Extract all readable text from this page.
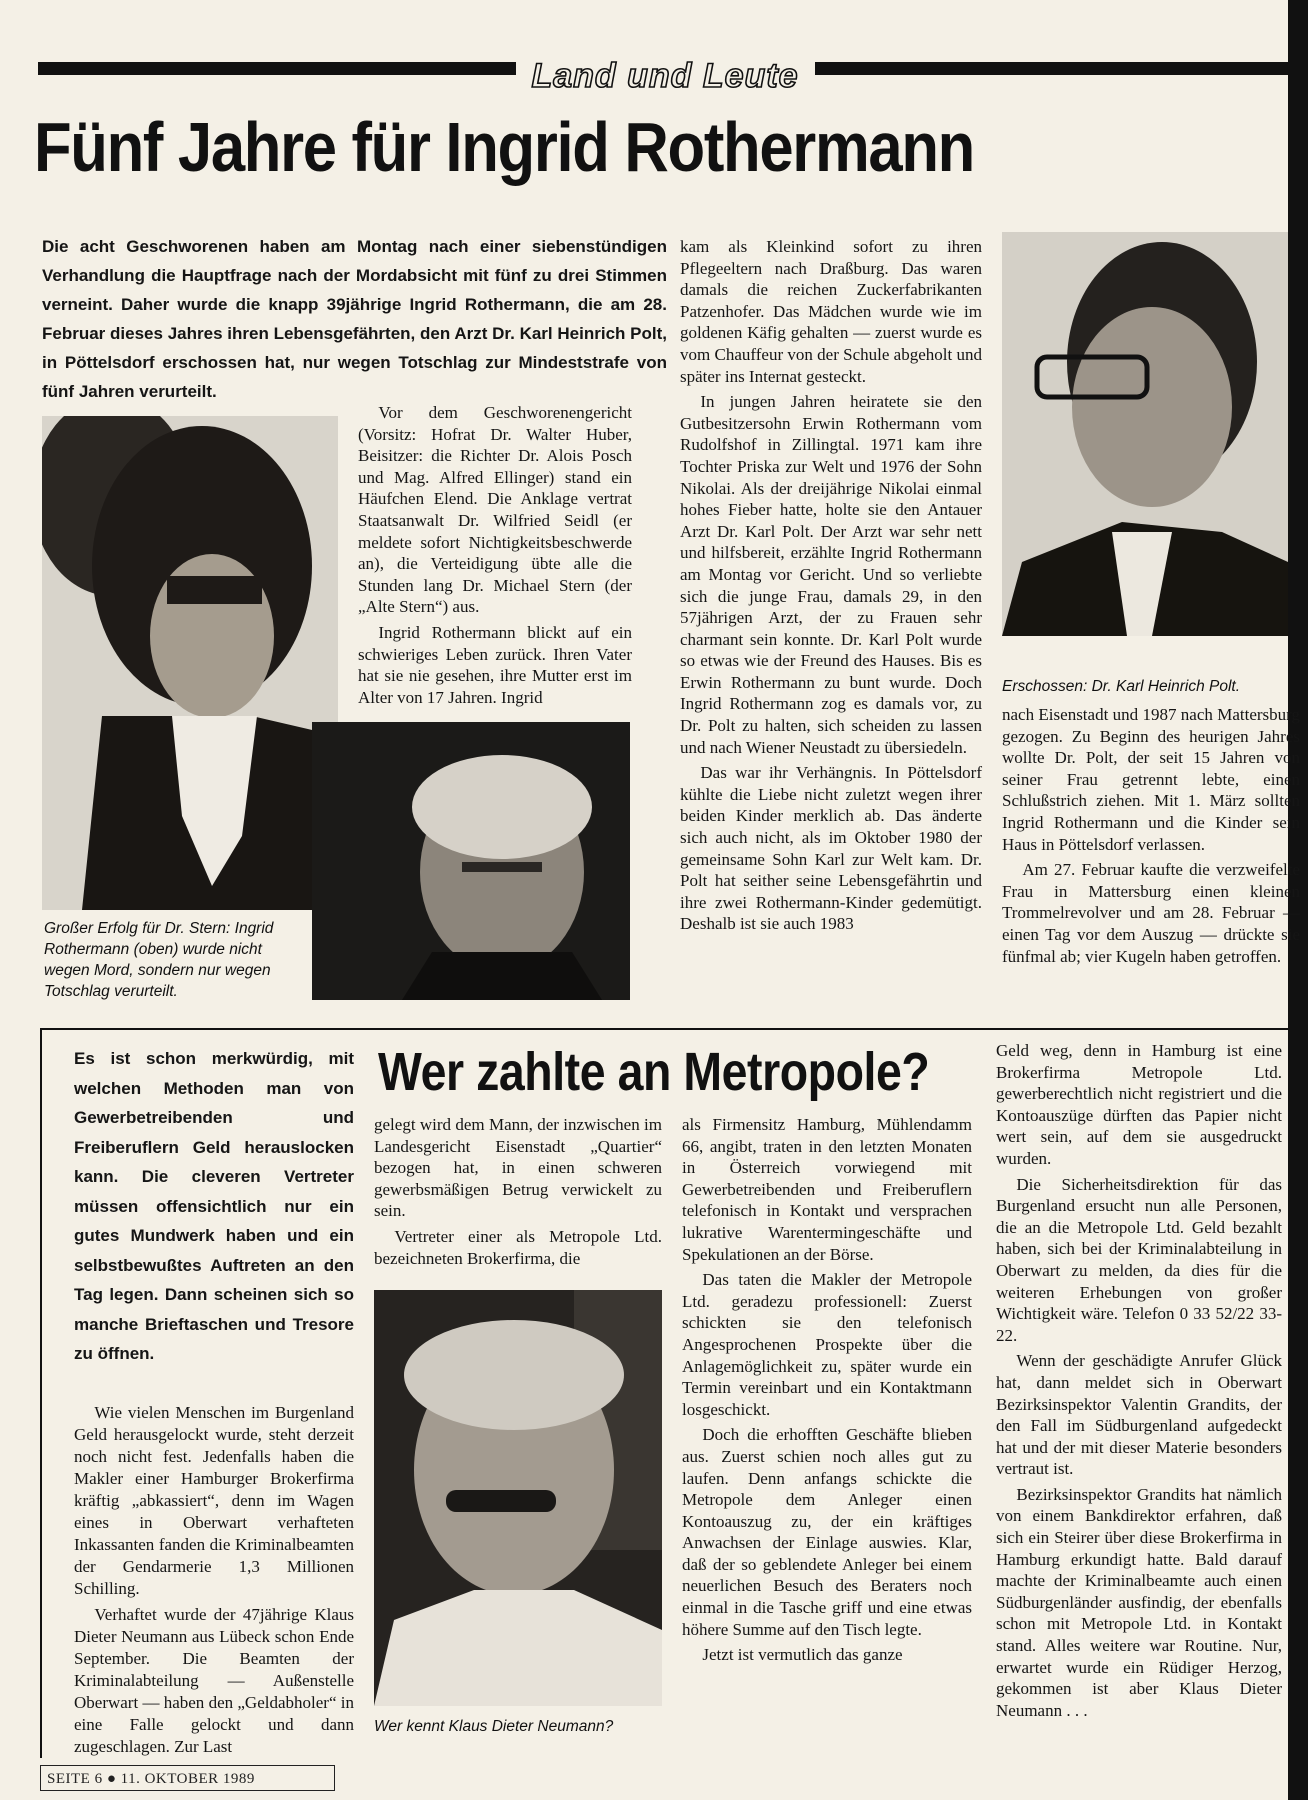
Land und Leute
Fünf Jahre für Ingrid Rothermann
Die acht Geschworenen haben am Montag nach einer siebenstündigen Verhandlung die Hauptfrage nach der Mordabsicht mit fünf zu drei Stimmen verneint. Daher wurde die knapp 39jährige Ingrid Rothermann, die am 28. Februar dieses Jahres ihren Lebensgefährten, den Arzt Dr. Karl Heinrich Polt, in Pöttelsdorf erschossen hat, nur wegen Totschlag zur Mindeststrafe von fünf Jahren verurteilt.
Großer Erfolg für Dr. Stern: Ingrid Rothermann (oben) wurde nicht wegen Mord, sondern nur wegen Totschlag verurteilt.

Vor dem Geschworenengericht (Vorsitz: Hofrat Dr. Walter Huber, Beisitzer: die Richter Dr. Alois Posch und Mag. Alfred Ellinger) stand ein Häufchen Elend. Die Anklage vertrat Staatsanwalt Dr. Wilfried Seidl (er meldete sofort Nichtigkeitsbeschwerde an), die Verteidigung übte alle die Stunden lang Dr. Michael Stern (der „Alte Stern“) aus.

Ingrid Rothermann blickt auf ein schwieriges Leben zurück. Ihren Vater hat sie nie gesehen, ihre Mutter erst im Alter von 17 Jahren. Ingrid

kam als Kleinkind sofort zu ihren Pflegeeltern nach Draßburg. Das waren damals die reichen Zuckerfabrikanten Patzenhofer. Das Mädchen wurde wie im goldenen Käfig gehalten — zuerst wurde es vom Chauffeur von der Schule abgeholt und später ins Internat gesteckt.

In jungen Jahren heiratete sie den Gutbesitzersohn Erwin Rothermann vom Rudolfshof in Zillingtal. 1971 kam ihre Tochter Priska zur Welt und 1976 der Sohn Nikolai. Als der dreijährige Nikolai einmal hohes Fieber hatte, holte sie den Antauer Arzt Dr. Karl Polt. Der Arzt war sehr nett und hilfsbereit, erzählte Ingrid Rothermann am Montag vor Gericht. Und so verliebte sich die junge Frau, damals 29, in den 57jährigen Arzt, der zu Frauen sehr charmant sein konnte. Dr. Karl Polt wurde so etwas wie der Freund des Hauses. Bis es Erwin Rothermann zu bunt wurde. Doch Ingrid Rothermann zog es damals vor, zu Dr. Polt zu halten, sich scheiden zu lassen und nach Wiener Neustadt zu übersiedeln.

Das war ihr Verhängnis. In Pöttelsdorf kühlte die Liebe nicht zuletzt wegen ihrer beiden Kinder merklich ab. Das änderte sich auch nicht, als im Oktober 1980 der gemeinsame Sohn Karl zur Welt kam. Dr. Polt hat seither seine Lebensgefährtin und ihre zwei Rothermann-Kinder gedemütigt. Deshalb ist sie auch 1983

Erschossen: Dr. Karl Heinrich Polt.

nach Eisenstadt und 1987 nach Mattersburg gezogen. Zu Beginn des heurigen Jahres wollte Dr. Polt, der seit 15 Jahren von seiner Frau getrennt lebte, einen Schlußstrich ziehen. Mit 1. März sollten Ingrid Rothermann und die Kinder sein Haus in Pöttelsdorf verlassen.

Am 27. Februar kaufte die verzweifelte Frau in Mattersburg einen kleinen Trommelrevolver und am 28. Februar — einen Tag vor dem Auszug — drückte sie fünfmal ab; vier Kugeln haben getroffen.

Es ist schon merkwürdig, mit welchen Methoden man von Gewerbetreibenden und Freiberuflern Geld herauslocken kann. Die cleveren Vertreter müssen offensichtlich nur ein gutes Mundwerk haben und ein selbstbewußtes Auftreten an den Tag legen. Dann scheinen sich so manche Brieftaschen und Tresore zu öffnen.

Wie vielen Menschen im Burgenland Geld herausgelockt wurde, steht derzeit noch nicht fest. Jedenfalls haben die Makler einer Hamburger Brokerfirma kräftig „abkassiert“, denn im Wagen eines in Oberwart verhafteten Inkassanten fanden die Kriminalbeamten der Gendarmerie 1,3 Millionen Schilling.

Verhaftet wurde der 47jährige Klaus Dieter Neumann aus Lübeck schon Ende September. Die Beamten der Kriminalabteilung — Außenstelle Oberwart — haben den „Geldabholer“ in eine Falle gelockt und dann zugeschlagen. Zur Last

Wer zahlte an Metropole?

gelegt wird dem Mann, der inzwischen im Landesgericht Eisenstadt „Quartier“ bezogen hat, in einen schweren gewerbsmäßigen Betrug verwickelt zu sein.

Vertreter einer als Metropole Ltd. bezeichneten Brokerfirma, die

Wer kennt Klaus Dieter Neumann?

als Firmensitz Hamburg, Mühlendamm 66, angibt, traten in den letzten Monaten in Österreich vorwiegend mit Gewerbetreibenden und Freiberuflern telefonisch in Kontakt und versprachen lukrative Warentermingeschäfte und Spekulationen an der Börse.

Das taten die Makler der Metropole Ltd. geradezu professionell: Zuerst schickten sie den telefonisch Angesprochenen Prospekte über die Anlagemöglichkeit zu, später wurde ein Termin vereinbart und ein Kontaktmann losgeschickt.

Doch die erhofften Geschäfte blieben aus. Zuerst schien noch alles gut zu laufen. Denn anfangs schickte die Metropole dem Anleger einen Kontoauszug zu, der ein kräftiges Anwachsen der Einlage auswies. Klar, daß der so geblendete Anleger bei einem neuerlichen Besuch des Beraters noch einmal in die Tasche griff und eine etwas höhere Summe auf den Tisch legte.

Jetzt ist vermutlich das ganze

Geld weg, denn in Hamburg ist eine Brokerfirma Metropole Ltd. gewerberechtlich nicht registriert und die Kontoauszüge dürften das Papier nicht wert sein, auf dem sie ausgedruckt wurden.

Die Sicherheitsdirektion für das Burgenland ersucht nun alle Personen, die an die Metropole Ltd. Geld bezahlt haben, sich bei der Kriminalabteilung in Oberwart zu melden, da dies für die weiteren Erhebungen von großer Wichtigkeit wäre. Telefon 0 33 52/22 33-22.

Wenn der geschädigte Anrufer Glück hat, dann meldet sich in Oberwart Bezirksinspektor Valentin Grandits, der den Fall im Südburgenland aufgedeckt hat und der mit dieser Materie besonders vertraut ist.

Bezirksinspektor Grandits hat nämlich von einem Bankdirektor erfahren, daß sich ein Steirer über diese Brokerfirma in Hamburg erkundigt hatte. Bald darauf machte der Kriminalbeamte auch einen Südburgenländer ausfindig, der ebenfalls schon mit Metropole Ltd. in Kontakt stand. Alles weitere war Routine. Nur, erwartet wurde ein Rüdiger Herzog, gekommen ist aber Klaus Dieter Neumann . . .

SEITE 6 ● 11. OKTOBER 1989
